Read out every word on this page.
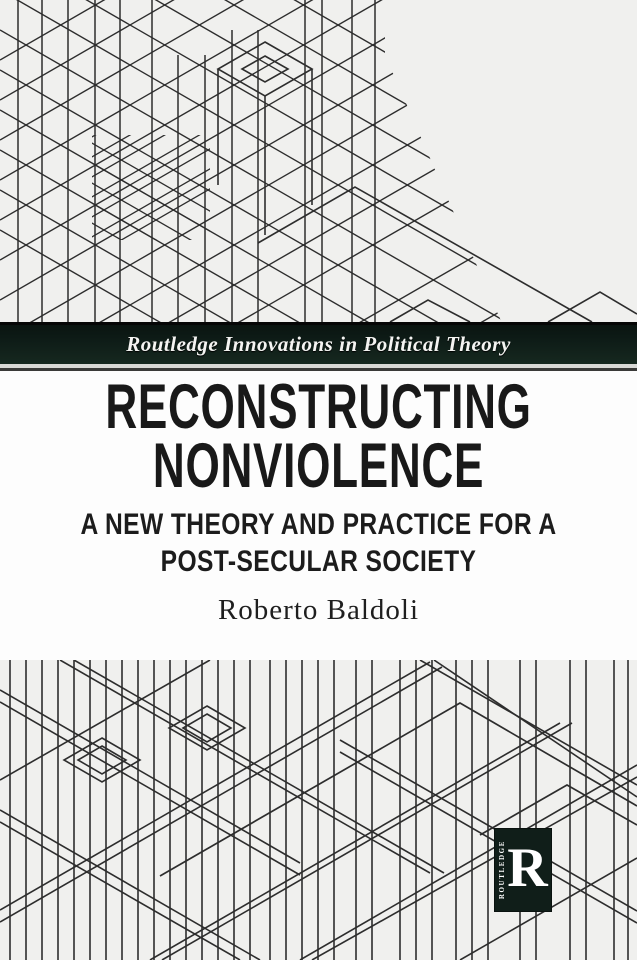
Routledge Innovations in Political Theory
RECONSTRUCTING
NONVIOLENCE
A NEW THEORY AND PRACTICE FOR A
POST-SECULAR SOCIETY
Roberto Baldoli
ROUTLEDGE R
